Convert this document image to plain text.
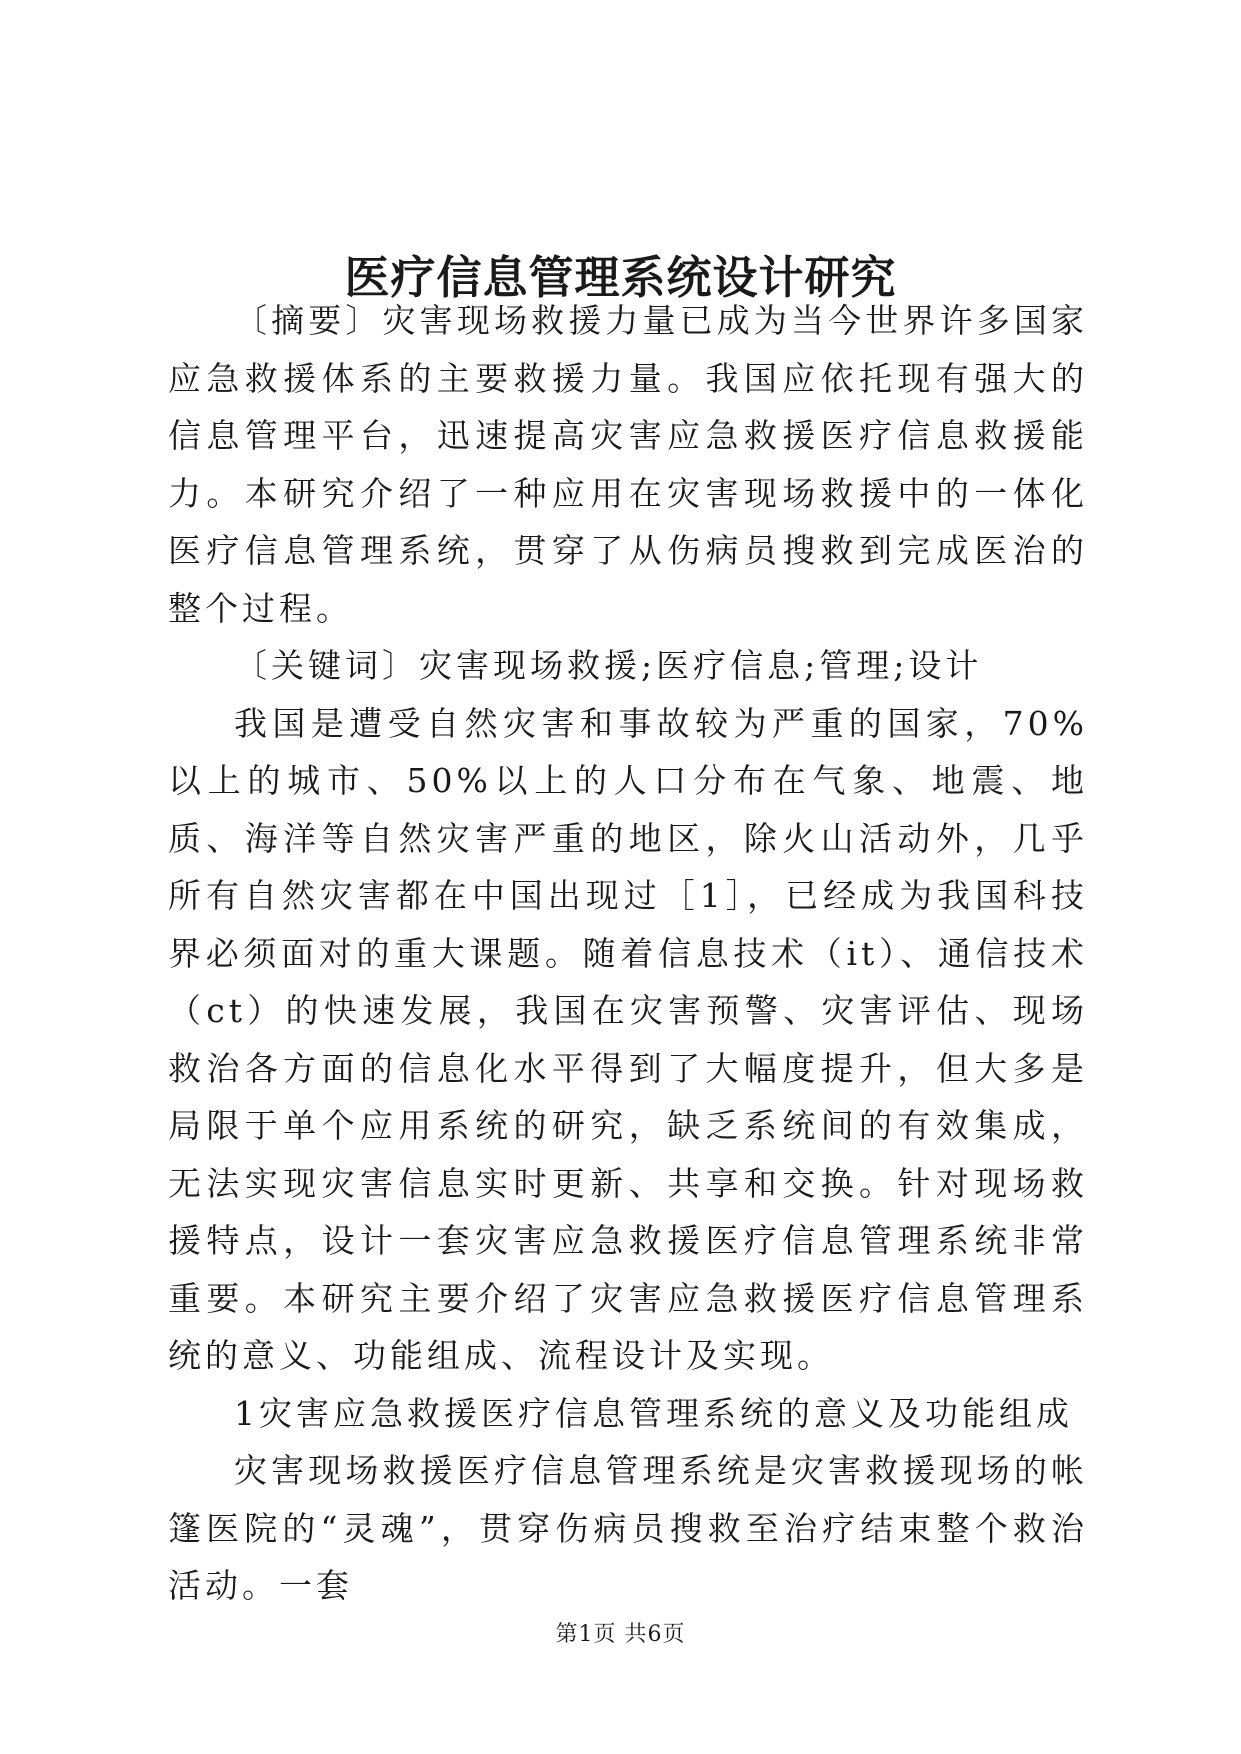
医疗信息管理系统设计研究

〔摘要〕灾害现场救援力量已成为当今世界许多国家应急救援体系的主要救援力量。我国应依托现有强大的信息管理平台，迅速提高灾害应急救援医疗信息救援能力。本研究介绍了一种应用在灾害现场救援中的一体化医疗信息管理系统，贯穿了从伤病员搜救到完成医治的整个过程。

〔关键词〕灾害现场救援;医疗信息;管理;设计

我国是遭受自然灾害和事故较为严重的国家，70%以上的城市、50%以上的人口分布在气象、地震、地质、海洋等自然灾害严重的地区，除火山活动外，几乎所有自然灾害都在中国出现过［1］，已经成为我国科技界必须面对的重大课题。随着信息技术（it）、通信技术（ct）的快速发展，我国在灾害预警、灾害评估、现场救治各方面的信息化水平得到了大幅度提升，但大多是局限于单个应用系统的研究，缺乏系统间的有效集成，无法实现灾害信息实时更新、共享和交换。针对现场救援特点，设计一套灾害应急救援医疗信息管理系统非常重要。本研究主要介绍了灾害应急救援医疗信息管理系统的意义、功能组成、流程设计及实现。

1灾害应急救援医疗信息管理系统的意义及功能组成

灾害现场救援医疗信息管理系统是灾害救援现场的帐篷医院的“灵魂”，贯穿伤病员搜救至治疗结束整个救治活动。一套

第1页 共6页
